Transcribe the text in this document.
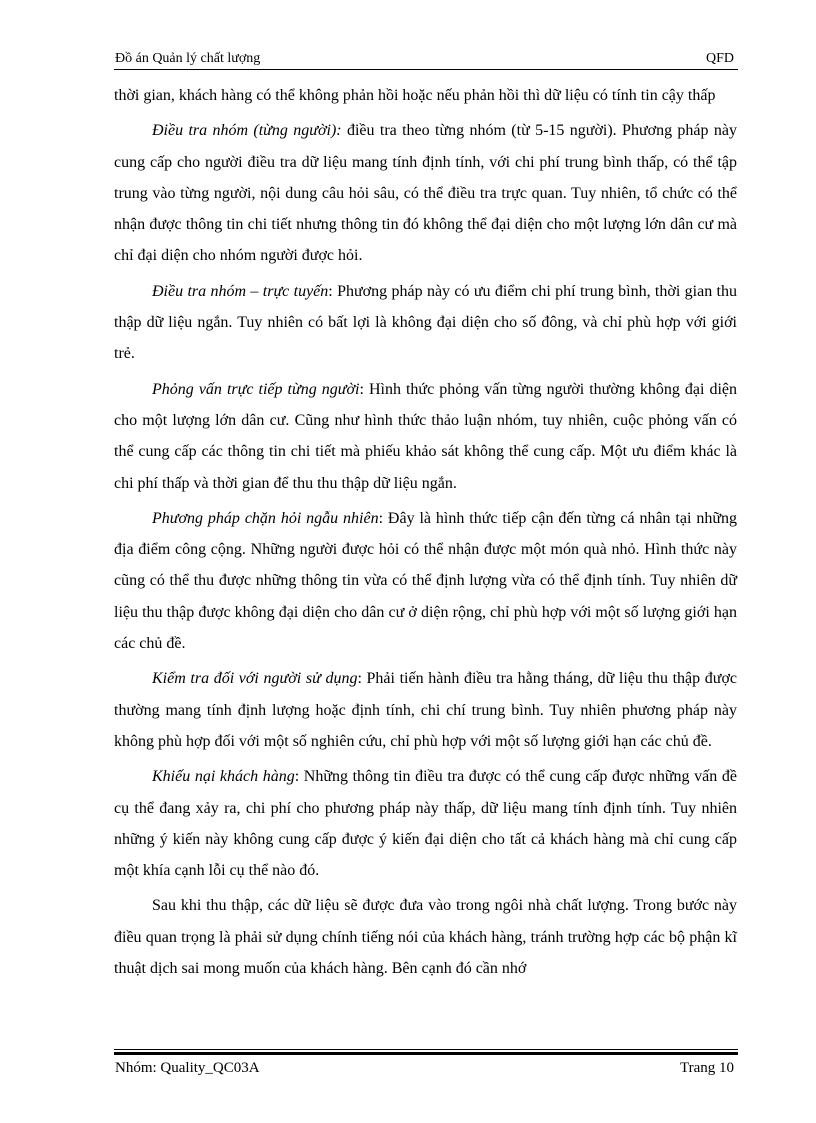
Đồ án Quản lý chất lượng	QFD

thời gian, khách hàng có thể không phản hồi hoặc nếu phản hồi thì dữ liệu có tính tin cậy thấp

Điều tra nhóm (từng người): điều tra theo từng nhóm (từ 5-15 người). Phương pháp này cung cấp cho người điều tra dữ liệu mang tính định tính, với chi phí trung bình thấp, có thể tập trung vào từng người, nội dung câu hỏi sâu, có thể điều tra trực quan. Tuy nhiên, tổ chức có thể nhận được thông tin chi tiết nhưng thông tin đó không thể đại diện cho một lượng lớn dân cư mà chỉ đại diện cho nhóm người được hỏi.

Điều tra nhóm – trực tuyến: Phương pháp này có ưu điểm chi phí trung bình, thời gian thu thập dữ liệu ngắn. Tuy nhiên có bất lợi là không đại diện cho số đông, và chỉ phù hợp với giới trẻ.

Phỏng vấn trực tiếp từng người: Hình thức phỏng vấn từng người thường không đại diện cho một lượng lớn dân cư. Cũng như hình thức thảo luận nhóm, tuy nhiên, cuộc phỏng vấn có thể cung cấp các thông tin chi tiết mà phiếu khảo sát không thể cung cấp. Một ưu điểm khác là chi phí thấp và thời gian để thu thu thập dữ liệu ngắn.

Phương pháp chặn hỏi ngẫu nhiên: Đây là hình thức tiếp cận đến từng cá nhân tại những địa điểm công cộng. Những người được hỏi có thể nhận được một món quà nhỏ. Hình thức này cũng có thể thu được những thông tin vừa có thể định lượng vừa có thể định tính. Tuy nhiên dữ liệu thu thập được không đại diện cho dân cư ở diện rộng, chỉ phù hợp với một số lượng giới hạn các chủ đề.

Kiểm tra đối với người sử dụng: Phải tiến hành điều tra hằng tháng, dữ liệu thu thập được thường mang tính định lượng hoặc định tính, chi chí trung bình. Tuy nhiên phương pháp này không phù hợp đối với một số nghiên cứu, chỉ phù hợp với một số lượng giới hạn các chủ đề.

Khiếu nại khách hàng: Những thông tin điều tra được có thể cung cấp được những vấn đề cụ thể đang xảy ra, chi phí cho phương pháp này thấp, dữ liệu mang tính định tính. Tuy nhiên những ý kiến này không cung cấp được ý kiến đại diện cho tất cả khách hàng mà chỉ cung cấp một khía cạnh lỗi cụ thể nào đó.

Sau khi thu thập, các dữ liệu sẽ được đưa vào trong ngôi nhà chất lượng. Trong bước này điều quan trọng là phải sử dụng chính tiếng nói của khách hàng, tránh trường hợp các bộ phận kĩ thuật dịch sai mong muốn của khách hàng. Bên cạnh đó cần nhớ

Nhóm: Quality_QC03A	Trang 10
